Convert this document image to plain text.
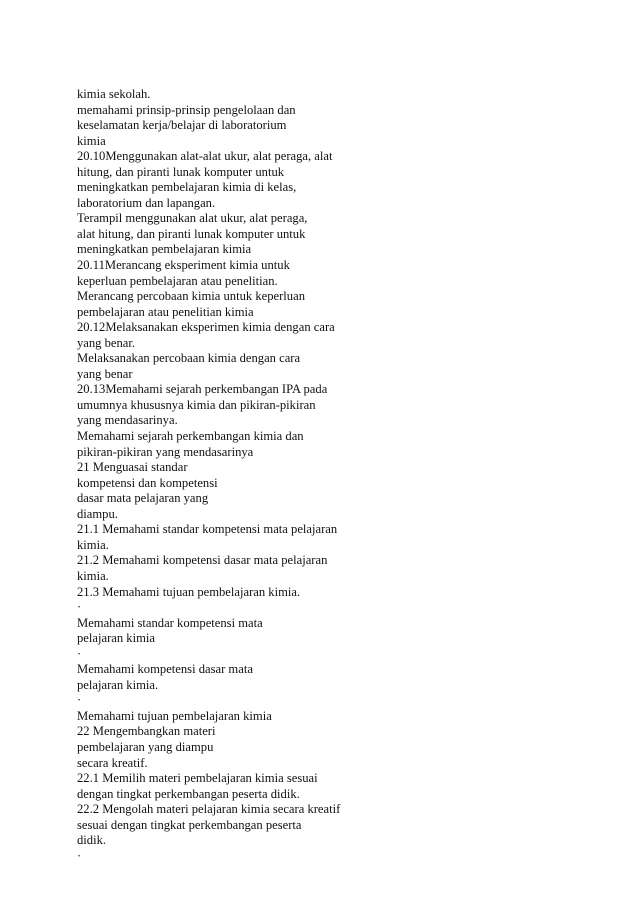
kimia sekolah.
memahami prinsip-prinsip pengelolaan dan
keselamatan kerja/belajar di laboratorium
kimia
20.10Menggunakan alat-alat ukur, alat peraga, alat
hitung, dan piranti lunak komputer untuk
meningkatkan pembelajaran kimia di kelas,
laboratorium dan lapangan.
Terampil menggunakan alat ukur, alat peraga,
alat hitung, dan piranti lunak komputer untuk
meningkatkan pembelajaran kimia
20.11Merancang eksperiment kimia untuk
keperluan pembelajaran atau penelitian.
Merancang percobaan kimia untuk keperluan
pembelajaran atau penelitian kimia
20.12Melaksanakan eksperimen kimia dengan cara
yang benar.
Melaksanakan percobaan kimia dengan cara
yang benar
20.13Memahami sejarah perkembangan IPA pada
umumnya khususnya kimia dan pikiran-pikiran
yang mendasarinya.
Memahami sejarah perkembangan kimia dan
pikiran-pikiran yang mendasarinya
21 Menguasai standar
kompetensi dan kompetensi
dasar mata pelajaran yang
diampu.
21.1 Memahami standar kompetensi mata pelajaran
kimia.
21.2 Memahami kompetensi dasar mata pelajaran
kimia.
21.3 Memahami tujuan pembelajaran kimia.
·
Memahami standar kompetensi mata
pelajaran kimia
·
Memahami kompetensi dasar mata
pelajaran kimia.
·
Memahami tujuan pembelajaran kimia
22 Mengembangkan materi
pembelajaran yang diampu
secara kreatif.
22.1 Memilih materi pembelajaran kimia sesuai
dengan tingkat perkembangan peserta didik.
22.2 Mengolah materi pelajaran kimia secara kreatif
sesuai dengan tingkat perkembangan peserta
didik.
·
